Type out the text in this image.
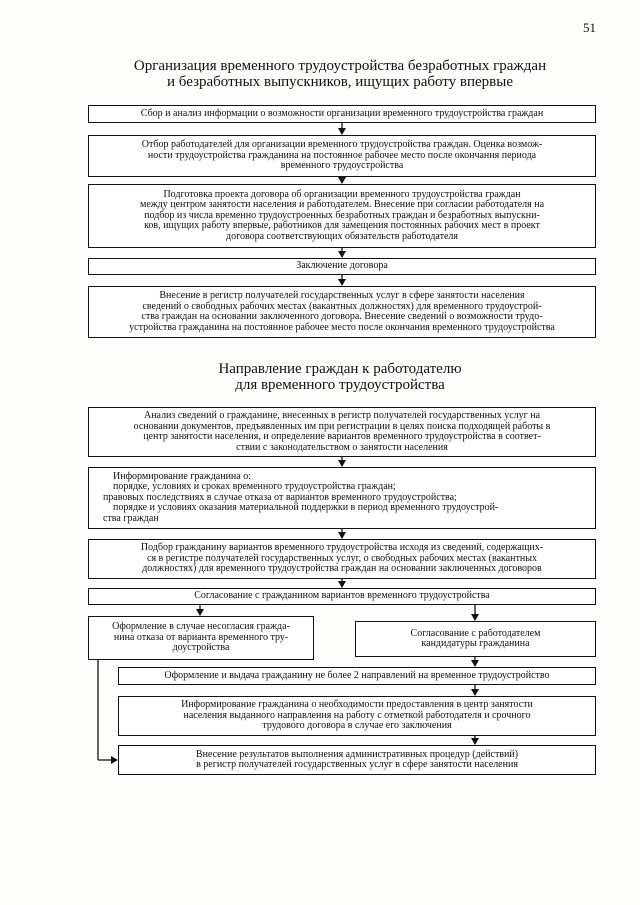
51
Организация временного трудоустройства безработных граждан
и безработных выпускников, ищущих работу впервые
Сбор и анализ информации о возможности организации временного трудоустройства граждан
Отбор работодателей для организации временного трудоустройства граждан. Оценка возмож-
ности трудоустройства гражданина на постоянное рабочее место после окончания периода
временного трудоустройства
Подготовка проекта договора об организации временного трудоустройства граждан
между центром занятости населения и работодателем. Внесение при согласии работодателя на
подбор из числа временно трудоустроенных безработных граждан и безработных выпускни-
ков, ищущих работу впервые, работников для замещения постоянных рабочих мест в проект
договора соответствующих обязательств работодателя
Заключение договора
Внесение в регистр получателей государственных услуг в сфере занятости населения
сведений о свободных рабочих местах (вакантных должностях) для временного трудоустрой-
ства граждан на основании заключенного договора. Внесение сведений о возможности трудо-
устройства гражданина на постоянное рабочее место после окончания временного трудоустройства
Направление граждан к работодателю
для временного трудоустройства
Анализ сведений о гражданине, внесенных в регистр получателей государственных услуг на
основании документов, предъявленных им при регистрации в целях поиска подходящей работы в
центр занятости населения, и определение вариантов временного трудоустройства в соответ-
ствии с законодательством о занятости населения
Информирование гражданина о:
порядке, условиях и сроках временного трудоустройства граждан;
правовых последствиях в случае отказа от вариантов временного трудоустройства;
порядке и условиях оказания материальной поддержки в период временного трудоустрой-
ства граждан
Подбор гражданину вариантов временного трудоустройства исходя из сведений, содержащих-
ся в регистре получателей государственных услуг, о свободных рабочих местах (вакантных
должностях) для временного трудоустройства граждан на основании заключенных договоров
Согласование с гражданином вариантов временного трудоустройства
Оформление в случае несогласия гражда-
нина отказа от варианта временного тру-
доустройства
Согласование с работодателем
кандидатуры гражданина
Оформление и выдача гражданину не более 2 направлений на временное трудоустройство
Информирование гражданина о необходимости предоставления в центр занятости
населения выданного направления на работу с отметкой работодателя и срочного
трудового договора в случае его заключения
Внесение результатов выполнения административных процедур (действий)
в регистр получателей государственных услуг в сфере занятости населения
